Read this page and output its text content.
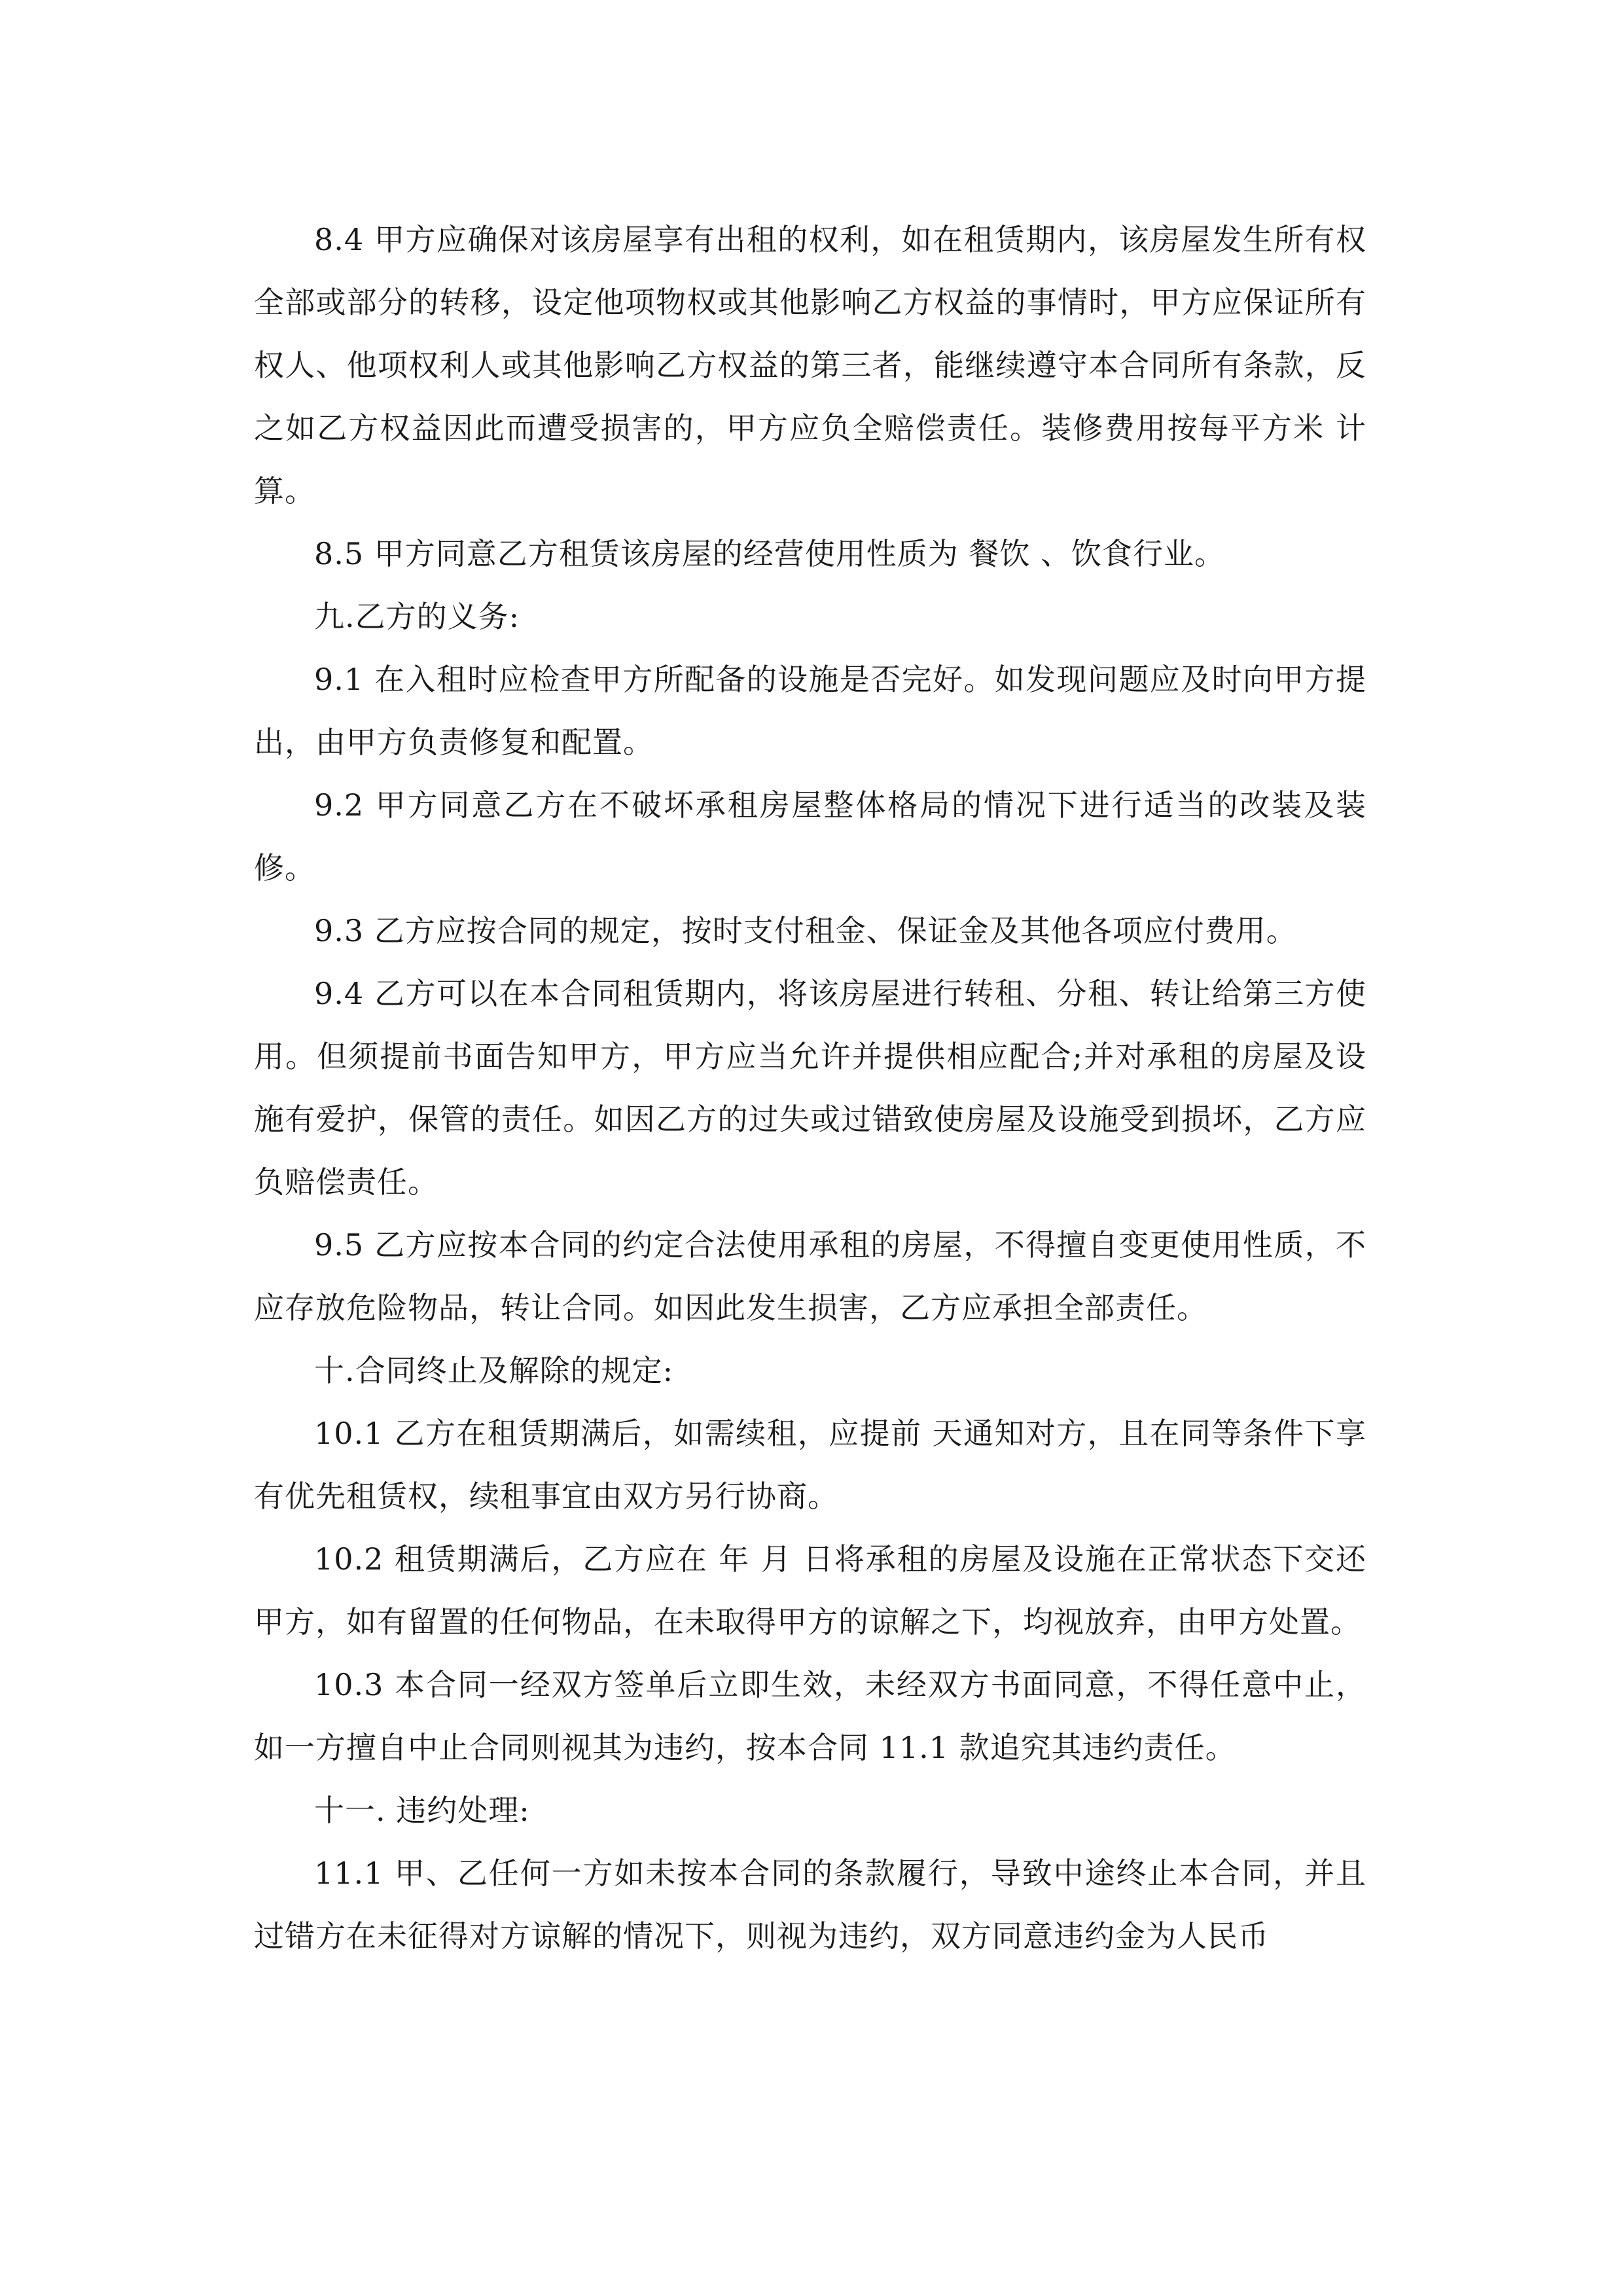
8.4 甲方应确保对该房屋享有出租的权利，如在租赁期内，该房屋发生所有权全部或部分的转移，设定他项物权或其他影响乙方权益的事情时，甲方应保证所有权人、他项权利人或其他影响乙方权益的第三者，能继续遵守本合同所有条款，反之如乙方权益因此而遭受损害的，甲方应负全赔偿责任。装修费用按每平方米 计算。

8.5 甲方同意乙方租赁该房屋的经营使用性质为 餐饮 、饮食行业。

九.乙方的义务:

9.1 在入租时应检查甲方所配备的设施是否完好。如发现问题应及时向甲方提出，由甲方负责修复和配置。

9.2 甲方同意乙方在不破坏承租房屋整体格局的情况下进行适当的改装及装修。

9.3 乙方应按合同的规定，按时支付租金、保证金及其他各项应付费用。

9.4 乙方可以在本合同租赁期内，将该房屋进行转租、分租、转让给第三方使用。但须提前书面告知甲方，甲方应当允许并提供相应配合;并对承租的房屋及设施有爱护，保管的责任。如因乙方的过失或过错致使房屋及设施受到损坏，乙方应负赔偿责任。

9.5 乙方应按本合同的约定合法使用承租的房屋，不得擅自变更使用性质，不应存放危险物品，转让合同。如因此发生损害，乙方应承担全部责任。

十.合同终止及解除的规定:

10.1 乙方在租赁期满后，如需续租，应提前 天通知对方，且在同等条件下享有优先租赁权，续租事宜由双方另行协商。

10.2 租赁期满后，乙方应在 年 月 日将承租的房屋及设施在正常状态下交还甲方，如有留置的任何物品，在未取得甲方的谅解之下，均视放弃，由甲方处置。

10.3 本合同一经双方签单后立即生效，未经双方书面同意，不得任意中止，如一方擅自中止合同则视其为违约，按本合同 11.1 款追究其违约责任。

十一. 违约处理:

11.1 甲、乙任何一方如未按本合同的条款履行，导致中途终止本合同，并且过错方在未征得对方谅解的情况下，则视为违约，双方同意违约金为人民币
